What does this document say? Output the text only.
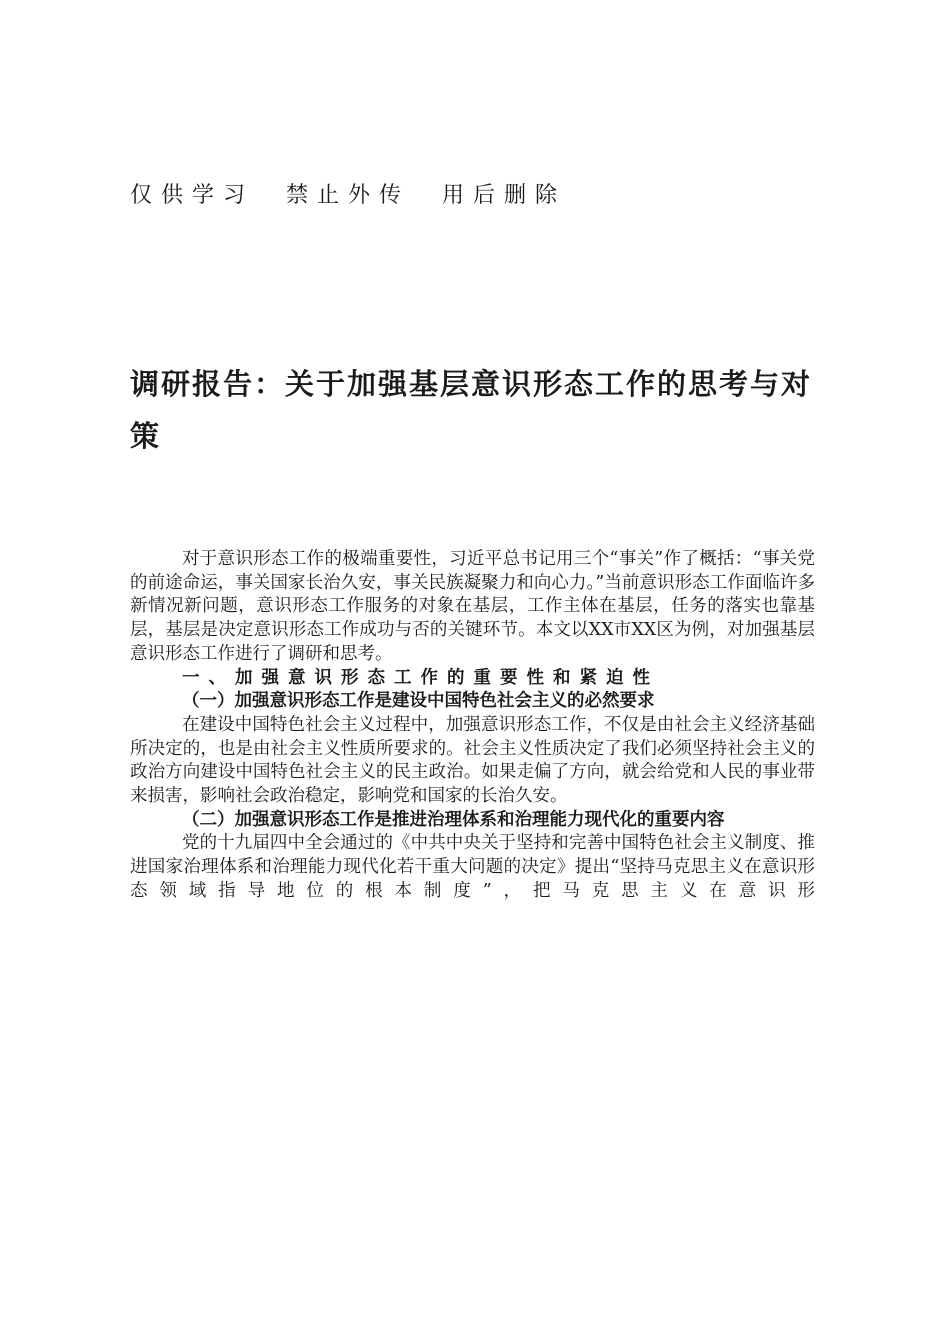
仅供学习  禁止外传  用后删除
调研报告：关于加强基层意识形态工作的思考与对策

对于意识形态工作的极端重要性，习近平总书记用三个“事关”作了概括：“事关党的前途命运，事关国家长治久安，事关民族凝聚力和向心力。”当前意识形态工作面临许多新情况新问题，意识形态工作服务的对象在基层，工作主体在基层，任务的落实也靠基层，基层是决定意识形态工作成功与否的关键环节。本文以XX市XX区为例，对加强基层意识形态工作进行了调研和思考。

一、加强意识形态工作的重要性和紧迫性

（一）加强意识形态工作是建设中国特色社会主义的必然要求

在建设中国特色社会主义过程中，加强意识形态工作，不仅是由社会主义经济基础所决定的，也是由社会主义性质所要求的。社会主义性质决定了我们必须坚持社会主义的政治方向建设中国特色社会主义的民主政治。如果走偏了方向，就会给党和人民的事业带来损害，影响社会政治稳定，影响党和国家的长治久安。

（二）加强意识形态工作是推进治理体系和治理能力现代化的重要内容

党的十九届四中全会通过的《中共中央关于坚持和完善中国特色社会主义制度、推进国家治理体系和治理能力现代化若干重大问题的决定》提出“坚持马克思主义在意识形态领域指导地位的根本制度”，把马克思主义在意识形
